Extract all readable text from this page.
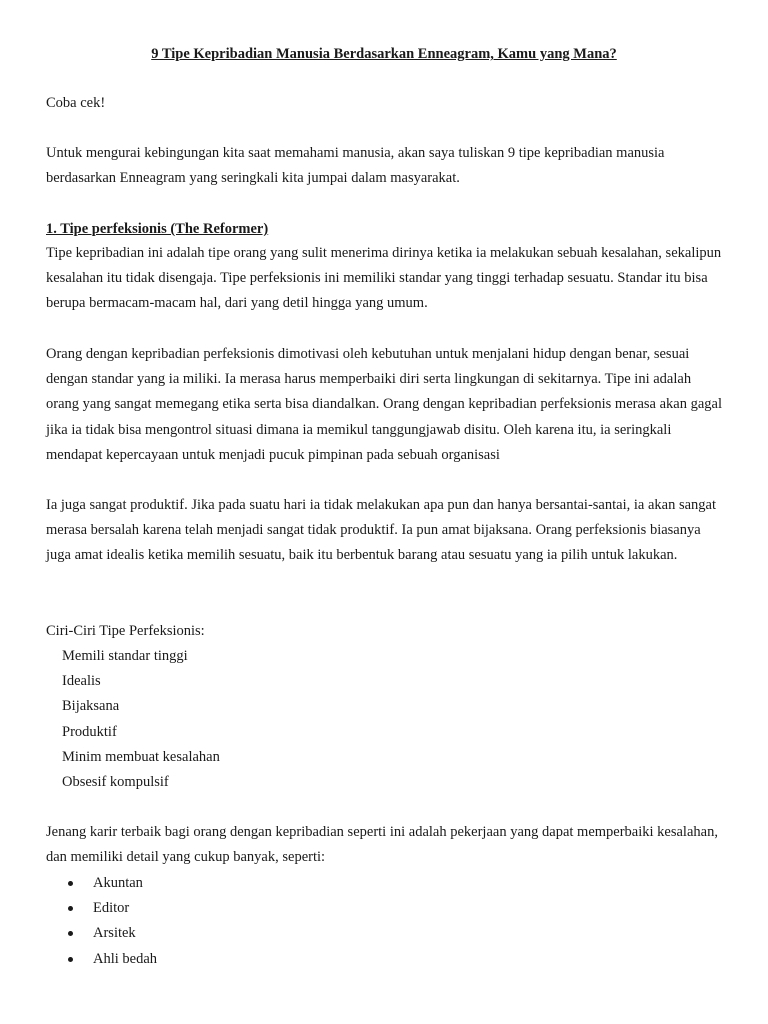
9 Tipe Kepribadian Manusia Berdasarkan Enneagram, Kamu yang Mana?

Coba cek!

Untuk mengurai kebingungan kita saat memahami manusia, akan saya tuliskan 9 tipe kepribadian manusia berdasarkan Enneagram yang seringkali kita jumpai dalam masyarakat.

1. Tipe perfeksionis (The Reformer)

Tipe kepribadian ini adalah tipe orang yang sulit menerima dirinya ketika ia melakukan sebuah kesalahan, sekalipun kesalahan itu tidak disengaja. Tipe perfeksionis ini memiliki standar yang tinggi terhadap sesuatu. Standar itu bisa berupa bermacam-macam hal, dari yang detil hingga yang umum.

Orang dengan kepribadian perfeksionis dimotivasi oleh kebutuhan untuk menjalani hidup dengan benar, sesuai dengan standar yang ia miliki. Ia merasa harus memperbaiki diri serta lingkungan di sekitarnya. Tipe ini adalah orang yang sangat memegang etika serta bisa diandalkan. Orang dengan kepribadian perfeksionis merasa akan gagal jika ia tidak bisa mengontrol situasi dimana ia memikul tanggungjawab disitu. Oleh karena itu, ia seringkali mendapat kepercayaan untuk menjadi pucuk pimpinan pada sebuah organisasi

Ia juga sangat produktif. Jika pada suatu hari ia tidak melakukan apa pun dan hanya bersantai-santai, ia akan sangat merasa bersalah karena telah menjadi sangat tidak produktif. Ia pun amat bijaksana. Orang perfeksionis biasanya juga amat idealis ketika memilih sesuatu, baik itu berbentuk barang atau sesuatu yang ia pilih untuk lakukan.

Ciri-Ciri Tipe Perfeksionis:

Memili standar tinggi
Idealis
Bijaksana
Produktif
Minim membuat kesalahan
Obsesif kompulsif

Jenang karir terbaik bagi orang dengan kepribadian seperti ini adalah pekerjaan yang dapat memperbaiki kesalahan, dan memiliki detail yang cukup banyak, seperti:

Akuntan
Editor
Arsitek
Ahli bedah
